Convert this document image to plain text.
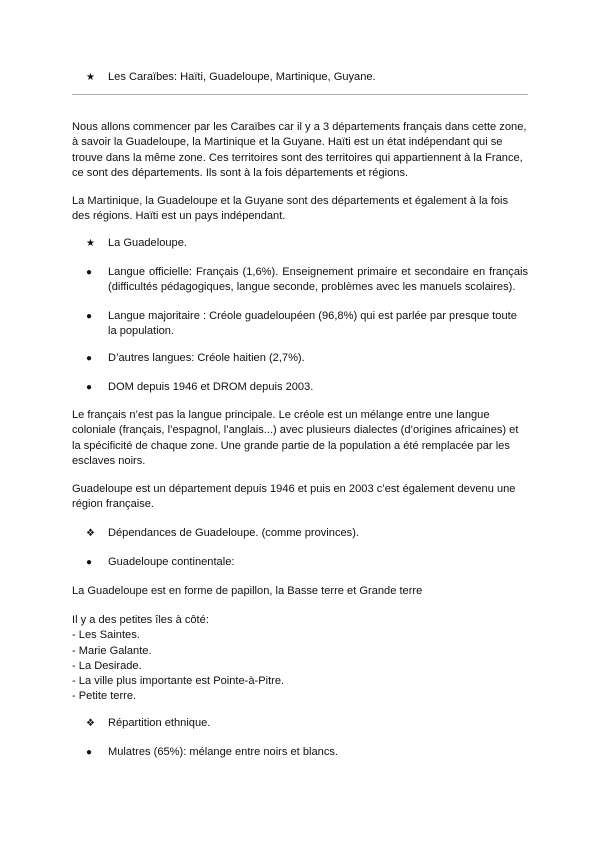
★	Les Caraïbes: Haïti, Guadeloupe, Martinique, Guyane.

Nous allons commencer par les Caraïbes car il y a 3 départements français dans cette zone,
à savoir la Guadeloupe, la Martinique et la Guyane. Haïti est un état indépendant qui se
trouve dans la même zone. Ces territoires sont des territoires qui appartiennent à la France,
ce sont des départements. Ils sont à la fois départements et régions.

La Martinique, la Guadeloupe et la Guyane sont des départements et également à la fois
des régions. Haïti est un pays indépendant.

★	La Guadeloupe.

●	Langue officielle: Français (1,6%). Enseignement primaire et secondaire en français (difficultés pédagogiques, langue seconde, problèmes avec les manuels scolaires).

●	Langue majoritaire : Créole guadeloupéen (96,8%) qui est parlée par presque toute la population.

●	D’autres langues: Créole haitien (2,7%).

●	DOM depuis 1946 et DROM depuis 2003.

Le français n’est pas la langue principale. Le créole est un mélange entre une langue
coloniale (français, l’espagnol, l’anglais...) avec plusieurs dialectes (d’origines africaines) et
la spécificité de chaque zone. Une grande partie de la population a été remplacée par les
esclaves noirs.

Guadeloupe est un département depuis 1946 et puis en 2003 c’est également devenu une
région française.

❖	Dépendances de Guadeloupe. (comme provinces).

●	Guadeloupe continentale:

La Guadeloupe est en forme de papillon, la Basse terre et Grande terre

Il y a des petites îles à côté:
- Les Saintes.
- Marie Galante.
- La Desirade.
- La ville plus importante est Pointe-à-Pitre.
- Petite terre.

❖	Répartition ethnique.

●	Mulatres (65%): mélange entre noirs et blancs.
